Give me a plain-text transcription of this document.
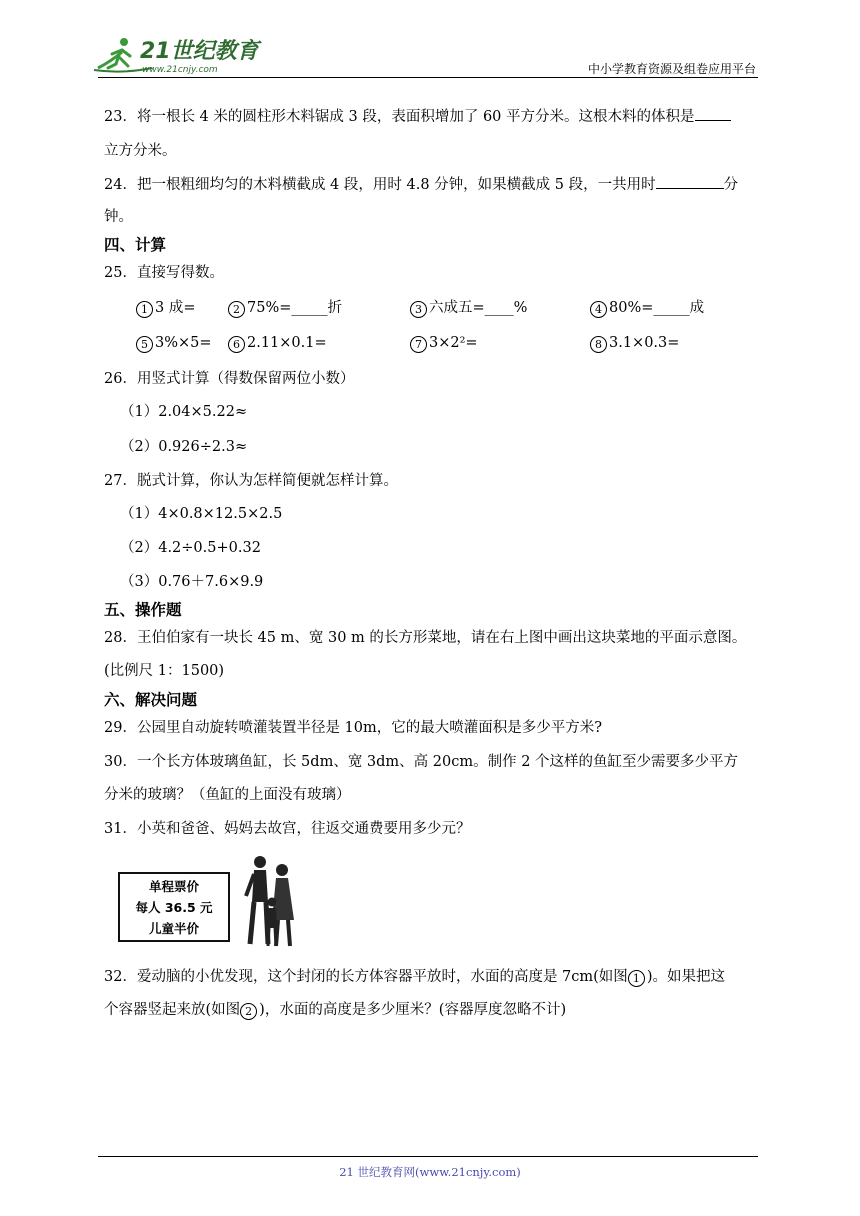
21世纪教育
www.21cnjy.com	中小学教育资源及组卷应用平台
23．将一根长 4 米的圆柱形木料锯成 3 段，表面积增加了 60 平方分米。这根木料的体积是
立方分米。
24．把一根粗细均匀的木料横截成 4 段，用时 4.8 分钟，如果横截成 5 段，一共用时	分
钟。
四、计算
25．直接写得数。
1 3 成=	2 75%=_____折	3 六成五=____%	4 80%=_____成
5 3%×5=	6 2.11×0.1=	7 3×2²=	8 3.1×0.3=
26．用竖式计算（得数保留两位小数）
（1）2.04×5.22≈
（2）0.926÷2.3≈
27．脱式计算，你认为怎样简便就怎样计算。
（1）4×0.8×12.5×2.5
（2）4.2÷0.5+0.32
（3）0.76＋7.6×9.9
五、操作题
28．王伯伯家有一块长 45 m、宽 30 m 的长方形菜地，请在右上图中画出这块菜地的平面示意图。
(比例尺 1：1500)
六、解决问题
29．公园里自动旋转喷灌装置半径是 10m，它的最大喷灌面积是多少平方米?
30．一个长方体玻璃鱼缸，长 5dm、宽 3dm、高 20cm。制作 2 个这样的鱼缸至少需要多少平方
分米的玻璃？（鱼缸的上面没有玻璃）
31．小英和爸爸、妈妈去故宫，往返交通费要用多少元？
单程票价
每人 36.5 元
儿童半价
32．爱动脑的小优发现，这个封闭的长方体容器平放时，水面的高度是 7cm(如图 1 )。如果把这
个容器竖起来放(如图 2 )，水面的高度是多少厘米？(容器厚度忽略不计)
21 世纪教育网(www.21cnjy.com)
